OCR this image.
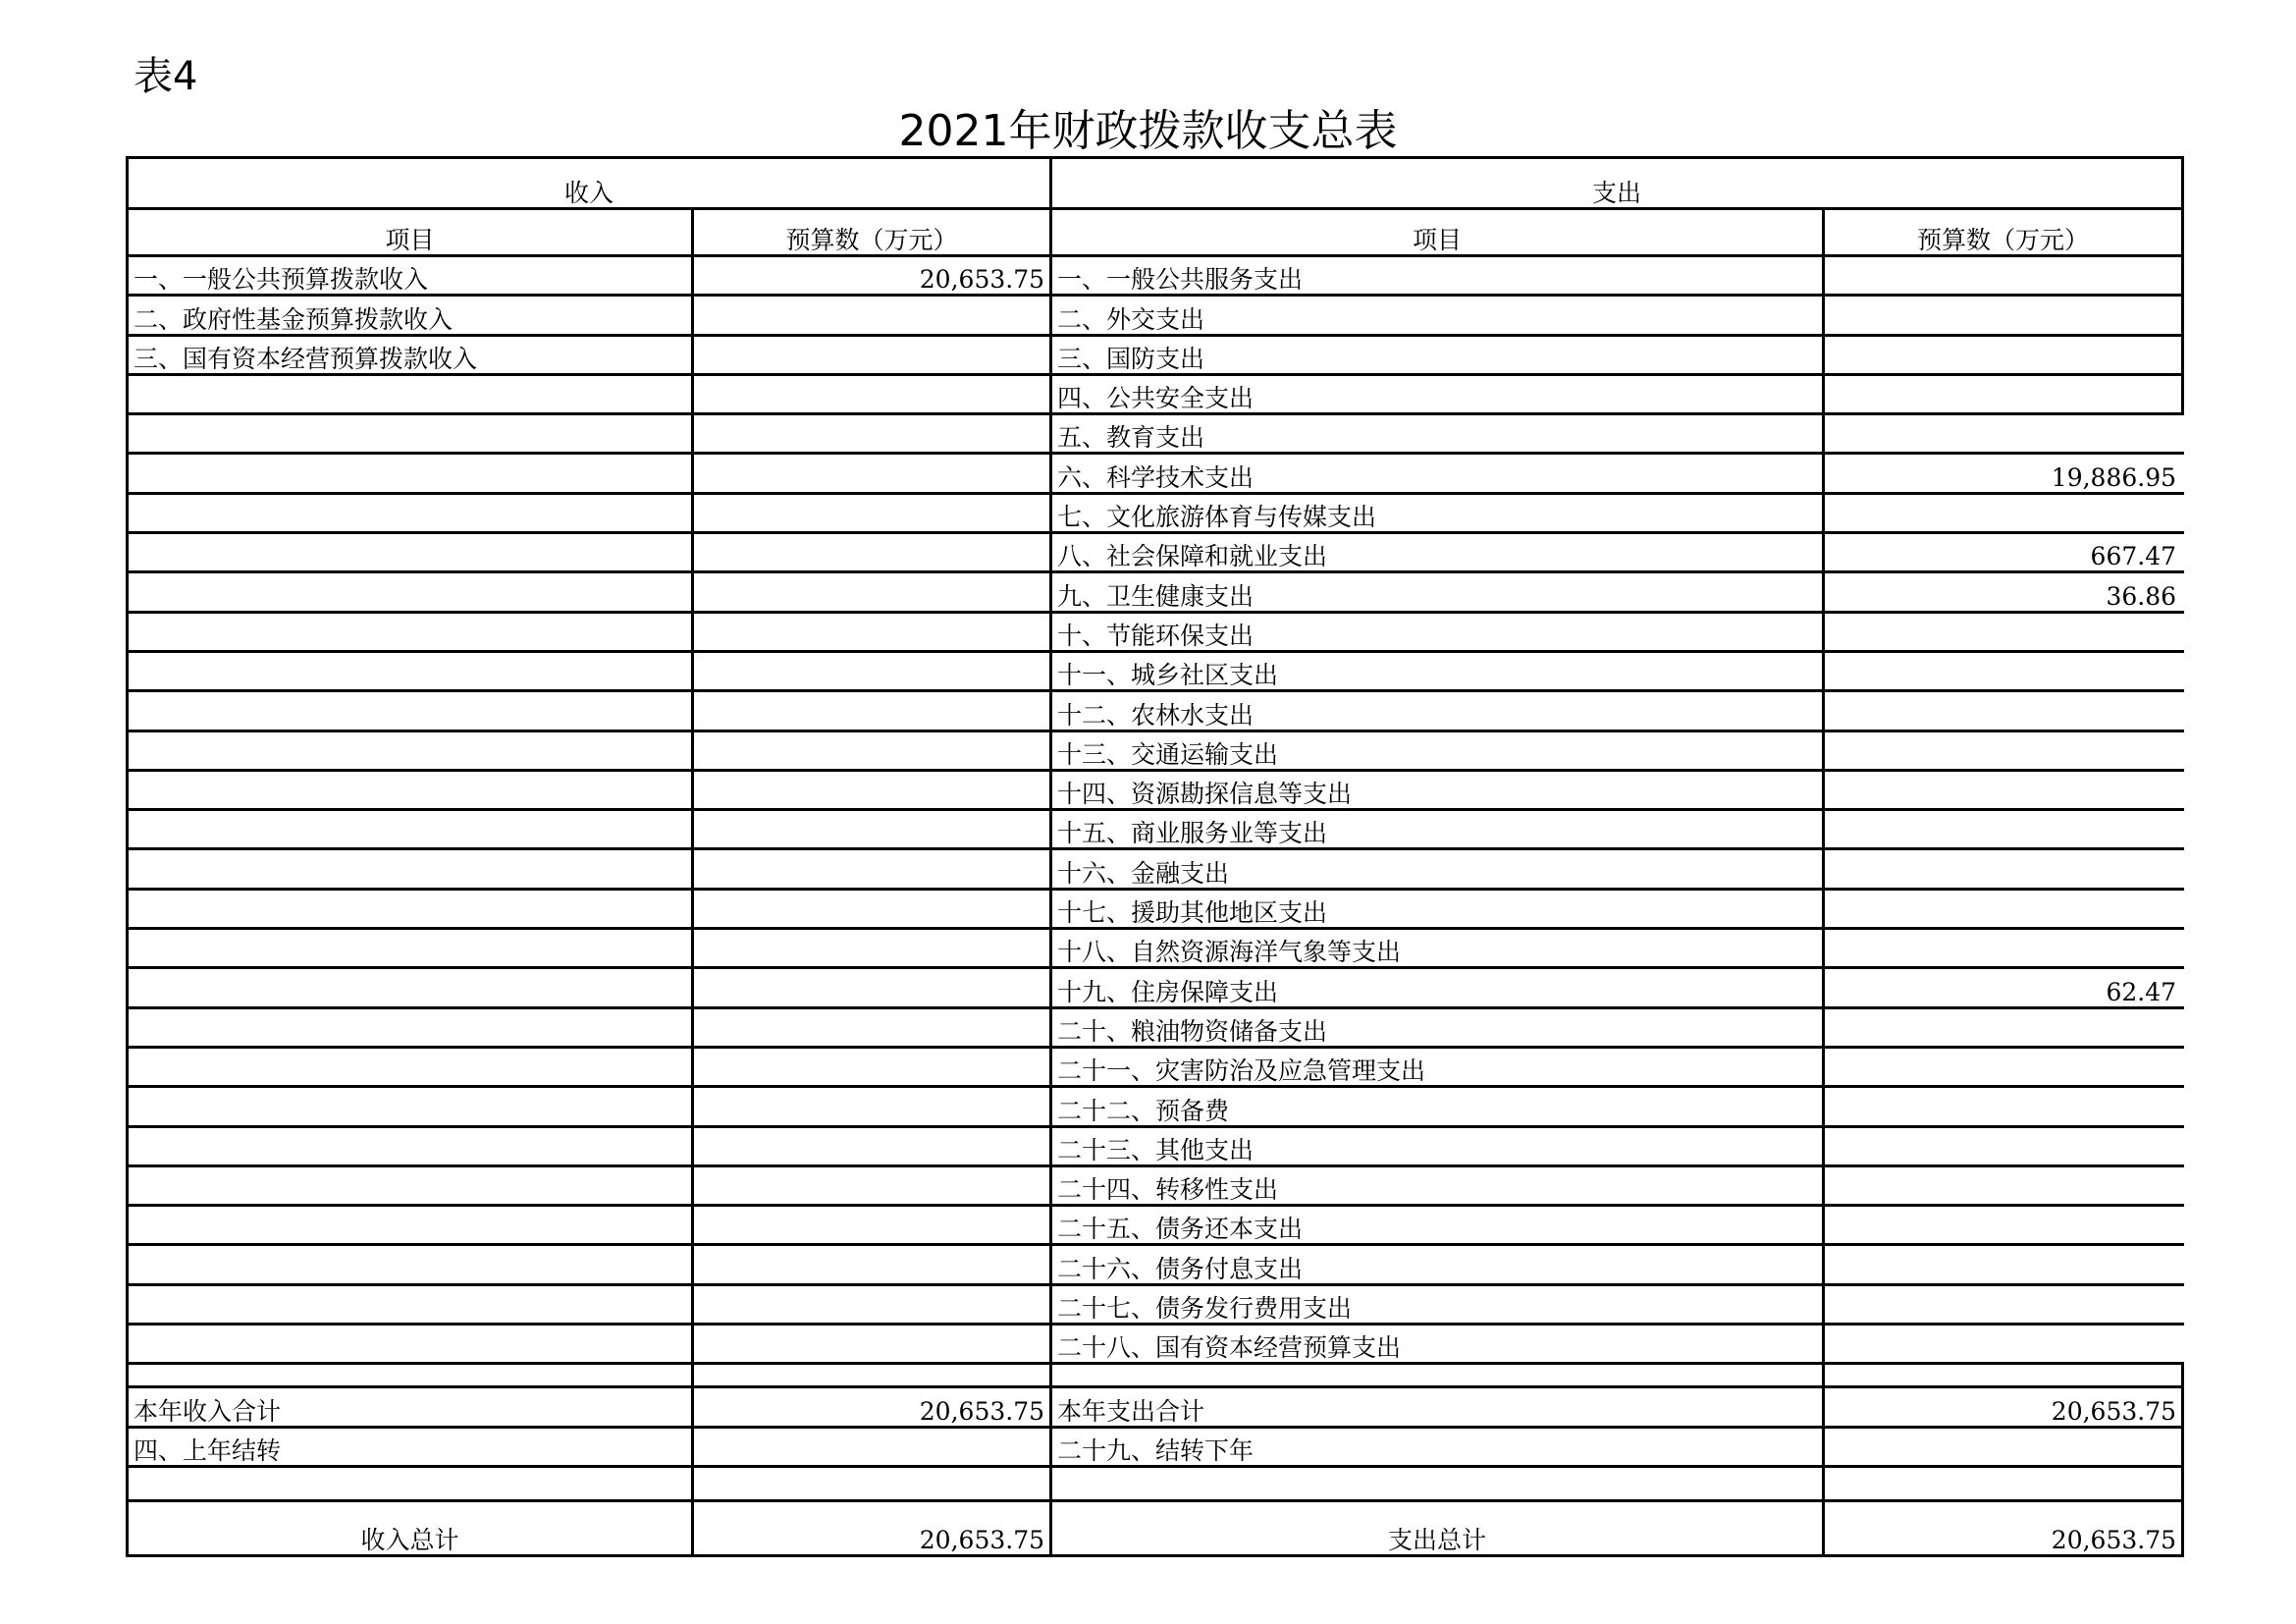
表4
2021年财政拨款收支总表
收入		支出	
项目	预算数（万元）	项目	预算数（万元）
一、一般公共预算拨款收入	20,653.75	一、一般公共服务支出	
二、政府性基金预算拨款收入		二、外交支出	
三、国有资本经营预算拨款收入		三、国防支出	
		四、公共安全支出	
		五、教育支出	
		六、科学技术支出	19,886.95
		七、文化旅游体育与传媒支出	
		八、社会保障和就业支出	667.47
		九、卫生健康支出	36.86
		十、节能环保支出	
		十一、城乡社区支出	
		十二、农林水支出	
		十三、交通运输支出	
		十四、资源勘探信息等支出	
		十五、商业服务业等支出	
		十六、金融支出	
		十七、援助其他地区支出	
		十八、自然资源海洋气象等支出	
		十九、住房保障支出	62.47
		二十、粮油物资储备支出	
		二十一、灾害防治及应急管理支出	
		二十二、预备费	
		二十三、其他支出	
		二十四、转移性支出	
		二十五、债务还本支出	
		二十六、债务付息支出	
		二十七、债务发行费用支出	
		二十八、国有资本经营预算支出	

本年收入合计	20,653.75	本年支出合计	20,653.75
四、上年结转		二十九、结转下年	

收入总计	20,653.75	支出总计	20,653.75
